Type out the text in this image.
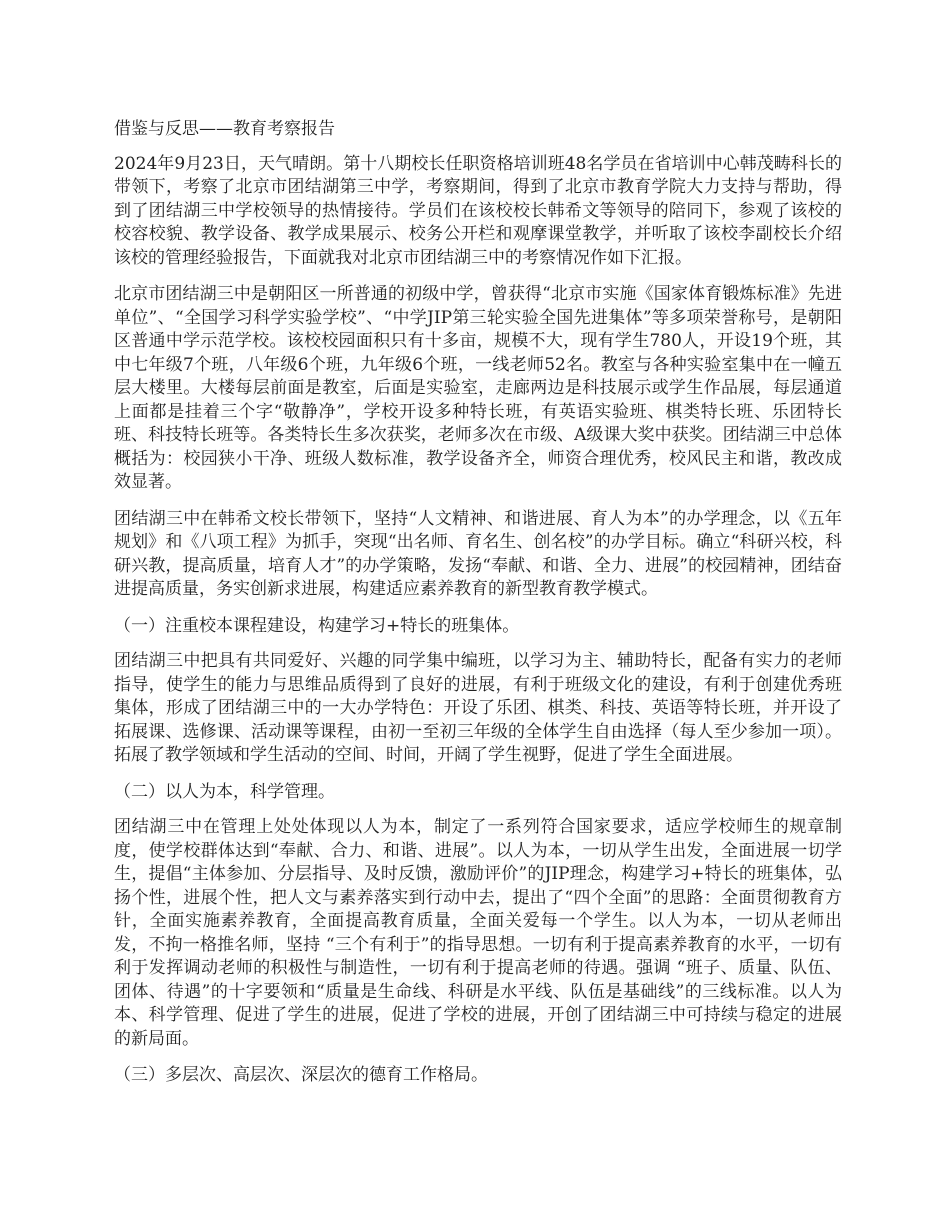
借鉴与反思——教育考察报告

2024年9月23日，天气晴朗。第十八期校长任职资格培训班48名学员在省培训中心韩茂畴科长的带领下，考察了北京市团结湖第三中学，考察期间，得到了北京市教育学院大力支持与帮助，得到了团结湖三中学校领导的热情接待。学员们在该校校长韩希文等领导的陪同下，参观了该校的校容校貌、教学设备、教学成果展示、校务公开栏和观摩课堂教学，并听取了该校李副校长介绍该校的管理经验报告，下面就我对北京市团结湖三中的考察情况作如下汇报。

北京市团结湖三中是朝阳区一所普通的初级中学，曾获得“北京市实施《国家体育锻炼标准》先进单位”、“全国学习科学实验学校”、“中学JIP第三轮实验全国先进集体”等多项荣誉称号，是朝阳区普通中学示范学校。该校校园面积只有十多亩，规模不大，现有学生780人，开设19个班，其中七年级7个班，八年级6个班，九年级6个班，一线老师52名。教室与各种实验室集中在一幢五层大楼里。大楼每层前面是教室，后面是实验室，走廊两边是科技展示或学生作品展，每层通道上面都是挂着三个字“敬静净”，学校开设多种特长班，有英语实验班、棋类特长班、乐团特长班、科技特长班等。各类特长生多次获奖，老师多次在市级、A级课大奖中获奖。团结湖三中总体概括为：校园狭小干净、班级人数标准，教学设备齐全，师资合理优秀，校风民主和谐，教改成效显著。

团结湖三中在韩希文校长带领下，坚持“人文精神、和谐进展、育人为本”的办学理念，以《五年规划》和《八项工程》为抓手，突现“出名师、育名生、创名校”的办学目标。确立“科研兴校，科研兴教，提高质量，培育人才”的办学策略，发扬“奉献、和谐、全力、进展”的校园精神，团结奋进提高质量，务实创新求进展，构建适应素养教育的新型教育教学模式。

（一）注重校本课程建设，构建学习+特长的班集体。

团结湖三中把具有共同爱好、兴趣的同学集中编班，以学习为主、辅助特长，配备有实力的老师指导，使学生的能力与思维品质得到了良好的进展，有利于班级文化的建设，有利于创建优秀班集体，形成了团结湖三中的一大办学特色：开设了乐团、棋类、科技、英语等特长班，并开设了拓展课、选修课、活动课等课程，由初一至初三年级的全体学生自由选择（每人至少参加一项）。拓展了教学领域和学生活动的空间、时间，开阔了学生视野，促进了学生全面进展。

（二）以人为本，科学管理。

团结湖三中在管理上处处体现以人为本，制定了一系列符合国家要求，适应学校师生的规章制度，使学校群体达到“奉献、合力、和谐、进展”。以人为本，一切从学生出发，全面进展一切学生，提倡“主体参加、分层指导、及时反馈，激励评价”的JIP理念，构建学习+特长的班集体，弘扬个性，进展个性，把人文与素养落实到行动中去，提出了“四个全面”的思路：全面贯彻教育方针，全面实施素养教育，全面提高教育质量，全面关爱每一个学生。以人为本，一切从老师出发，不拘一格推名师，坚持 “三个有利于”的指导思想。一切有利于提高素养教育的水平，一切有利于发挥调动老师的积极性与制造性，一切有利于提高老师的待遇。强调 “班子、质量、队伍、团体、待遇”的十字要领和“质量是生命线、科研是水平线、队伍是基础线”的三线标准。以人为本、科学管理、促进了学生的进展，促进了学校的进展，开创了团结湖三中可持续与稳定的进展的新局面。

（三）多层次、高层次、深层次的德育工作格局。
